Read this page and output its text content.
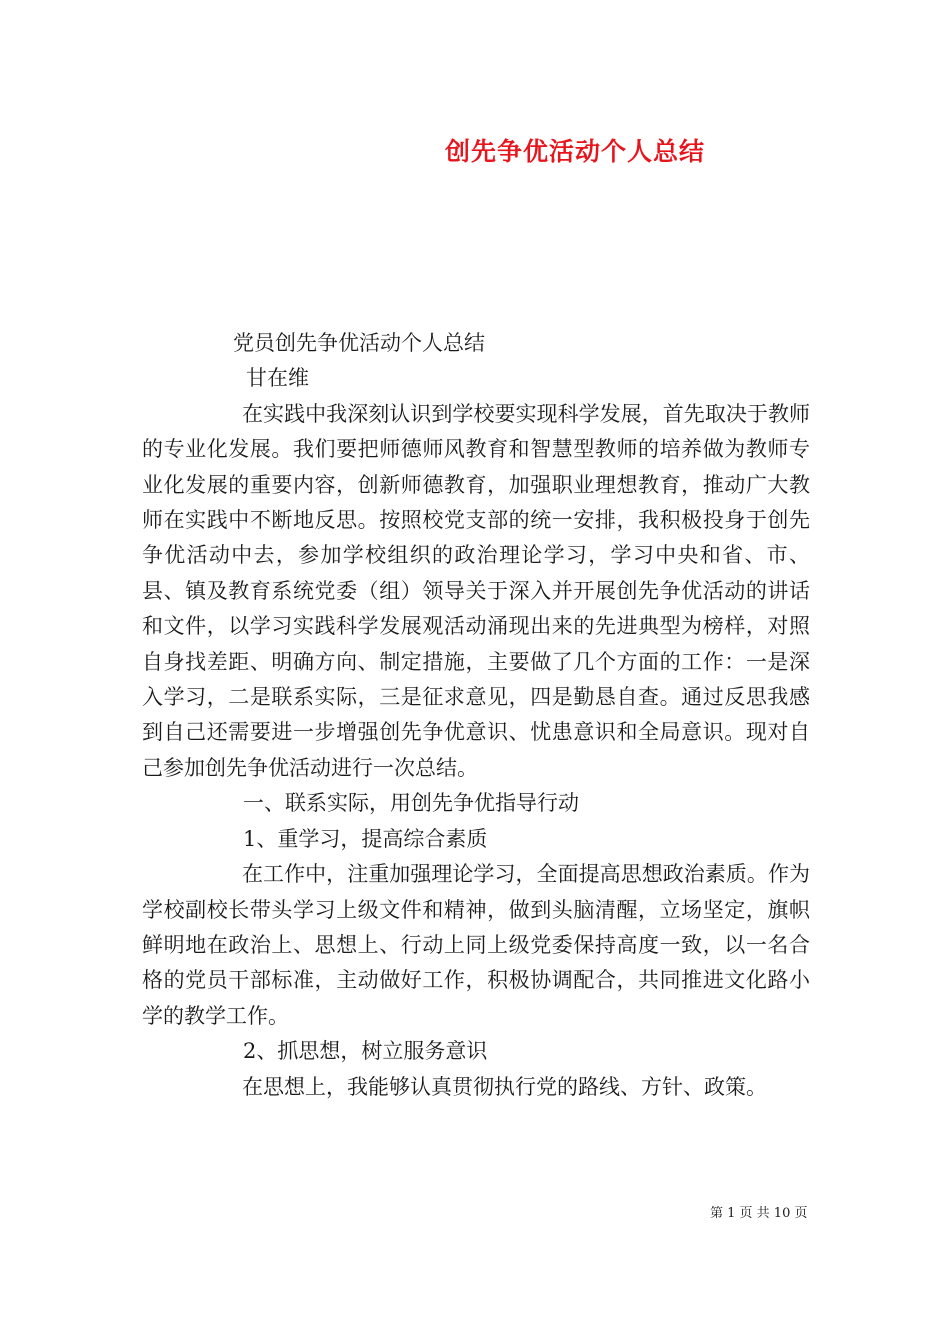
创先争优活动个人总结

党员创先争优活动个人总结

甘在维

在实践中我深刻认识到学校要实现科学发展，首先取决于教师的专业化发展。我们要把师德师风教育和智慧型教师的培养做为教师专业化发展的重要内容，创新师德教育，加强职业理想教育，推动广大教师在实践中不断地反思。按照校党支部的统一安排，我积极投身于创先争优活动中去，参加学校组织的政治理论学习，学习中央和省、市、县、镇及教育系统党委（组）领导关于深入并开展创先争优活动的讲话和文件，以学习实践科学发展观活动涌现出来的先进典型为榜样，对照自身找差距、明确方向、制定措施，主要做了几个方面的工作：一是深入学习，二是联系实际，三是征求意见，四是勤恳自查。通过反思我感到自己还需要进一步增强创先争优意识、忧患意识和全局意识。现对自己参加创先争优活动进行一次总结。

一、联系实际，用创先争优指导行动

1、重学习，提高综合素质

在工作中，注重加强理论学习，全面提高思想政治素质。作为学校副校长带头学习上级文件和精神，做到头脑清醒，立场坚定，旗帜鲜明地在政治上、思想上、行动上同上级党委保持高度一致，以一名合格的党员干部标准，主动做好工作，积极协调配合，共同推进文化路小学的教学工作。

2、抓思想，树立服务意识

在思想上，我能够认真贯彻执行党的路线、方针、政策。

第 1 页 共 10 页
